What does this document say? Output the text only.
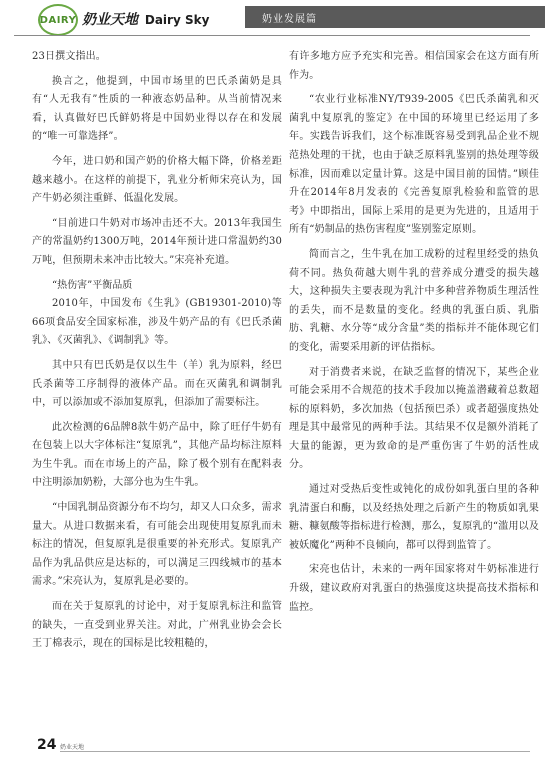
DAIRY 奶业天地 Dairy Sky	奶业发展篇

23日撰文指出。

换言之，他提到，中国市场里的巴氏杀菌奶是具有“人无我有”性质的一种液态奶品种。从当前情况来看，认真做好巴氏鲜奶将是中国奶业得以存在和发展的“唯一可靠选择”。

今年，进口奶和国产奶的价格大幅下降，价格差距越来越小。在这样的前提下，乳业分析师宋亮认为，国产牛奶必须注重鲜、低温化发展。

“目前进口牛奶对市场冲击还不大。2013年我国生产的常温奶约1300万吨，2014年预计进口常温奶约30万吨，但预期未来冲击比较大。”宋亮补充道。

“热伤害”平衡品质

2010年，中国发布《生乳》(GB19301-2010)等66项食品安全国家标准，涉及牛奶产品的有《巴氏杀菌乳》、《灭菌乳》、《调制乳》等。

其中只有巴氏奶是仅以生牛（羊）乳为原料，经巴氏杀菌等工序制得的液体产品。而在灭菌乳和调制乳中，可以添加或不添加复原乳，但添加了需要标注。

此次检测的6品牌8款牛奶产品中，除了旺仔牛奶有在包装上以大字体标注“复原乳”，其他产品均标注原料为生牛乳。而在市场上的产品，除了极个别有在配料表中注明添加奶粉，大部分也为生牛乳。

“中国乳制品资源分布不均匀，却又人口众多，需求量大。从进口数据来看，有可能会出现使用复原乳而未标注的情况，但复原乳是很重要的补充形式。复原乳产品作为乳品供应是达标的，可以满足三四线城市的基本需求。”宋亮认为，复原乳是必要的。

而在关于复原乳的讨论中，对于复原乳标注和监管的缺失，一直受到业界关注。对此，广州乳业协会会长王丁棉表示，现在的国标是比较粗糙的，

有许多地方应予充实和完善。相信国家会在这方面有所作为。

“农业行业标准NY/T939-2005《巴氏杀菌乳和灭菌乳中复原乳的鉴定》在中国的环境里已经运用了多年。实践告诉我们，这个标准既容易受到乳品企业不规范热处理的干扰，也由于缺乏原料乳鉴别的热处理等级标准，因而难以定量计算。这是中国目前的国情。”顾佳升在2014年8月发表的《完善复原乳检验和监管的思考》中即指出，国际上采用的是更为先进的，且适用于所有“奶制品的热伤害程度”鉴别鉴定原则。

简而言之，生牛乳在加工成粉的过程里经受的热负荷不同。热负荷越大则牛乳的营养成分遭受的损失越大，这种损失主要表现为乳汁中多种营养物质生理活性的丢失，而不是数量的变化。经典的乳蛋白质、乳脂肪、乳糖、水分等“成分含量”类的指标并不能体现它们的变化，需要采用新的评估指标。

对于消费者来说，在缺乏监督的情况下，某些企业可能会采用不合规范的技术手段加以掩盖潜藏着总数超标的原料奶，多次加热（包括预巴杀）或者超强度热处理是其中最常见的两种手法。其结果不仅是额外消耗了大量的能源，更为致命的是严重伤害了牛奶的活性成分。

通过对受热后变性或钝化的成份如乳蛋白里的各种乳清蛋白和酶，以及经热处理之后新产生的物质如乳果糖、糠氨酸等指标进行检测，那么，复原乳的“滥用以及被妖魔化”两种不良倾向，都可以得到监管了。

宋亮也估计，未来的一两年国家将对牛奶标准进行升级，建议政府对乳蛋白的热强度这块提高技术指标和监控。

24 奶业天地
